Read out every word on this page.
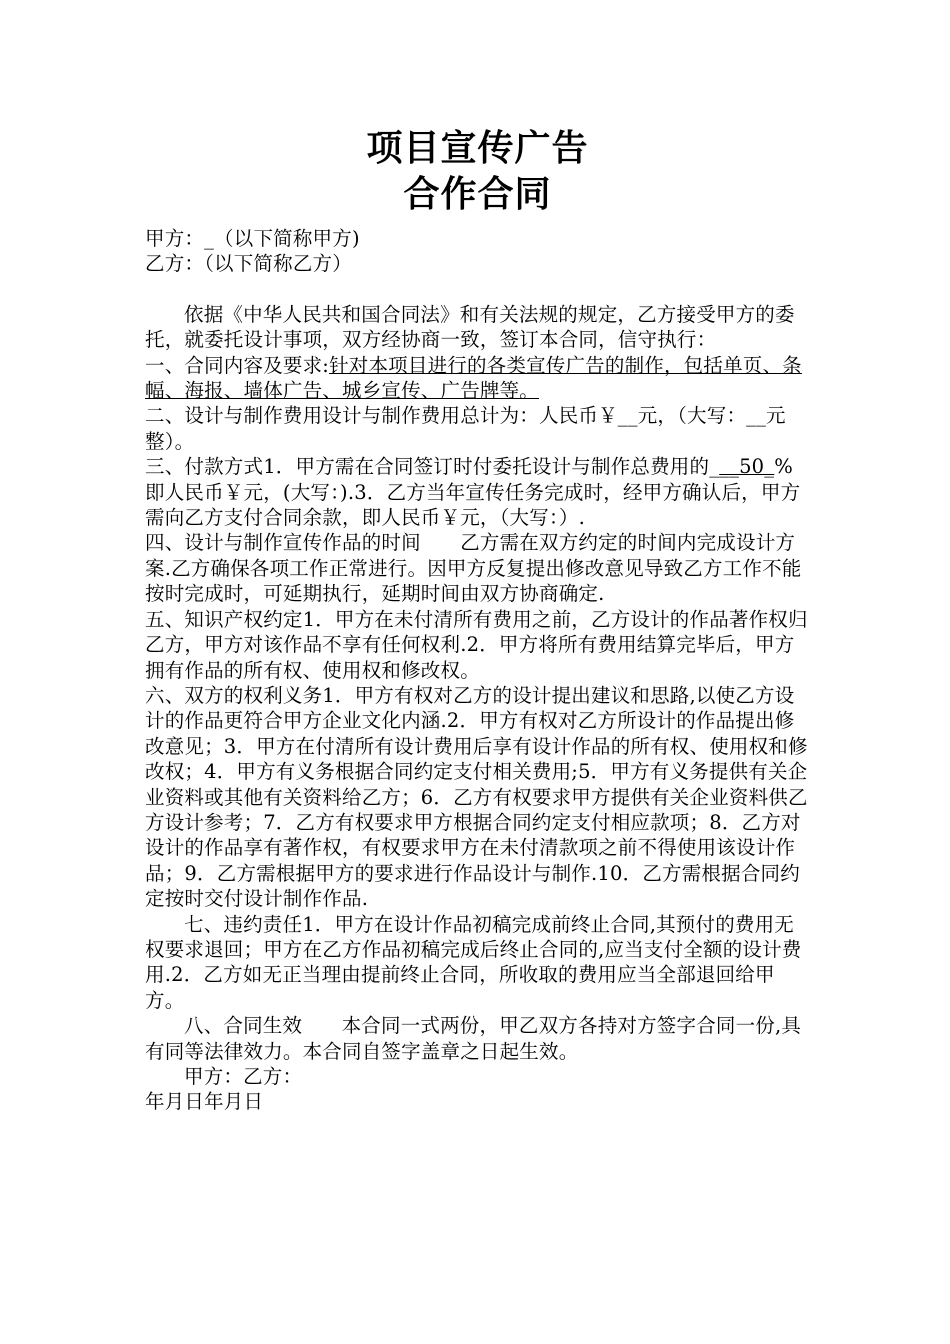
项目宣传广告
合作合同

甲方：_（以下简称甲方)

乙方：（以下简称乙方）

依据《中华人民共和国合同法》和有关法规的规定，乙方接受甲方的委托，就委托设计事项，双方经协商一致，签订本合同，信守执行：

一、合同内容及要求:针对本项目进行的各类宣传广告的制作，包括单页、条幅、海报、墙体广告、城乡宣传、广告牌等。

二、设计与制作费用设计与制作费用总计为：人民币￥__元，（大写：__元整）。

三、付款方式1．甲方需在合同签订时付委托设计与制作总费用的___50_%即人民币￥元，(大写：).3．乙方当年宣传任务完成时，经甲方确认后，甲方需向乙方支付合同余款，即人民币￥元，（大写：）.

四、设计与制作宣传作品的时间　　乙方需在双方约定的时间内完成设计方案.乙方确保各项工作正常进行。因甲方反复提出修改意见导致乙方工作不能按时完成时，可延期执行，延期时间由双方协商确定.

五、知识产权约定1．甲方在未付清所有费用之前，乙方设计的作品著作权归乙方，甲方对该作品不享有任何权利.2．甲方将所有费用结算完毕后，甲方拥有作品的所有权、使用权和修改权。

六、双方的权利义务1．甲方有权对乙方的设计提出建议和思路,以使乙方设计的作品更符合甲方企业文化内涵.2．甲方有权对乙方所设计的作品提出修改意见；3．甲方在付清所有设计费用后享有设计作品的所有权、使用权和修改权；4．甲方有义务根据合同约定支付相关费用;5．甲方有义务提供有关企业资料或其他有关资料给乙方；6．乙方有权要求甲方提供有关企业资料供乙方设计参考；7．乙方有权要求甲方根据合同约定支付相应款项；8．乙方对设计的作品享有著作权，有权要求甲方在未付清款项之前不得使用该设计作品；9．乙方需根据甲方的要求进行作品设计与制作.10．乙方需根据合同约定按时交付设计制作作品.

七、违约责任1．甲方在设计作品初稿完成前终止合同,其预付的费用无权要求退回；甲方在乙方作品初稿完成后终止合同的,应当支付全额的设计费用.2．乙方如无正当理由提前终止合同，所收取的费用应当全部退回给甲方。

八、合同生效　　本合同一式两份，甲乙双方各持对方签字合同一份,具有同等法律效力。本合同自签字盖章之日起生效。

甲方：乙方：

年月日年月日
